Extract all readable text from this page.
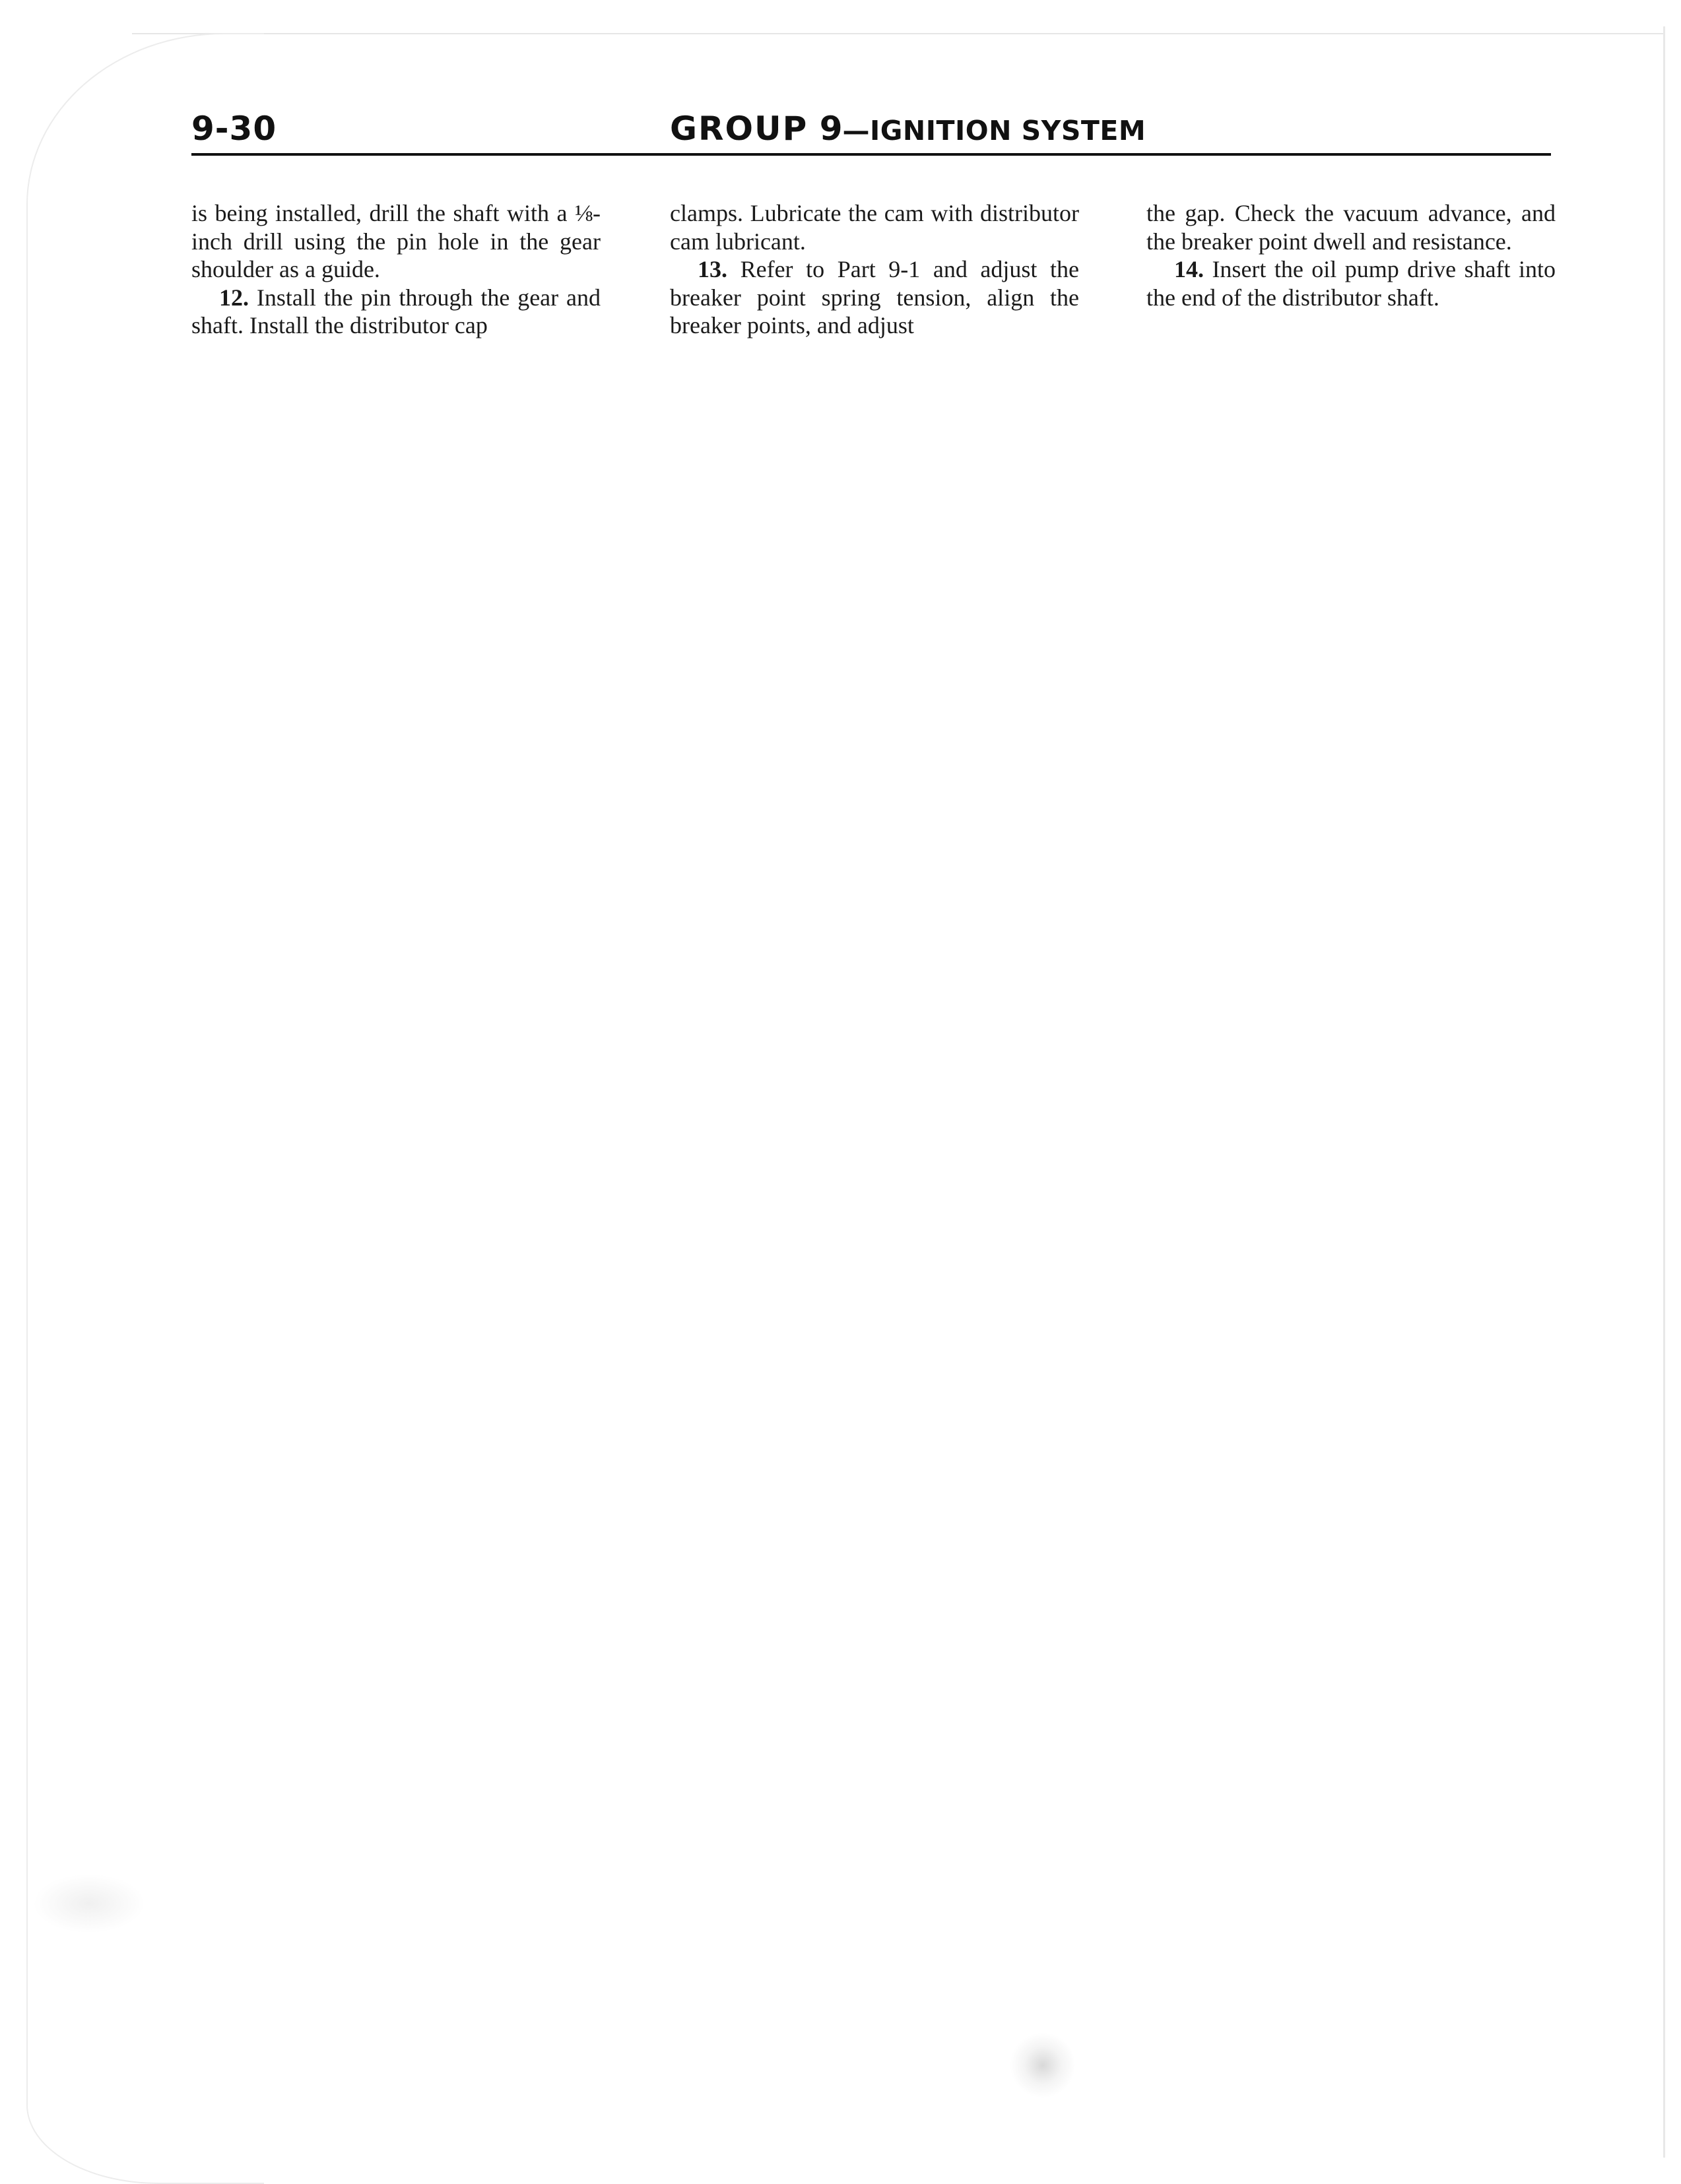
9-30	GROUP 9—IGNITION SYSTEM

is being installed, drill the shaft with a ⅛-inch drill using the pin hole in the gear shoulder as a guide.

12. Install the pin through the gear and shaft. Install the distributor cap

clamps. Lubricate the cam with distributor cam lubricant.

13. Refer to Part 9-1 and adjust the breaker point spring tension, align the breaker points, and adjust

the gap. Check the vacuum advance, and the breaker point dwell and resistance.

14. Insert the oil pump drive shaft into the end of the distributor shaft.
